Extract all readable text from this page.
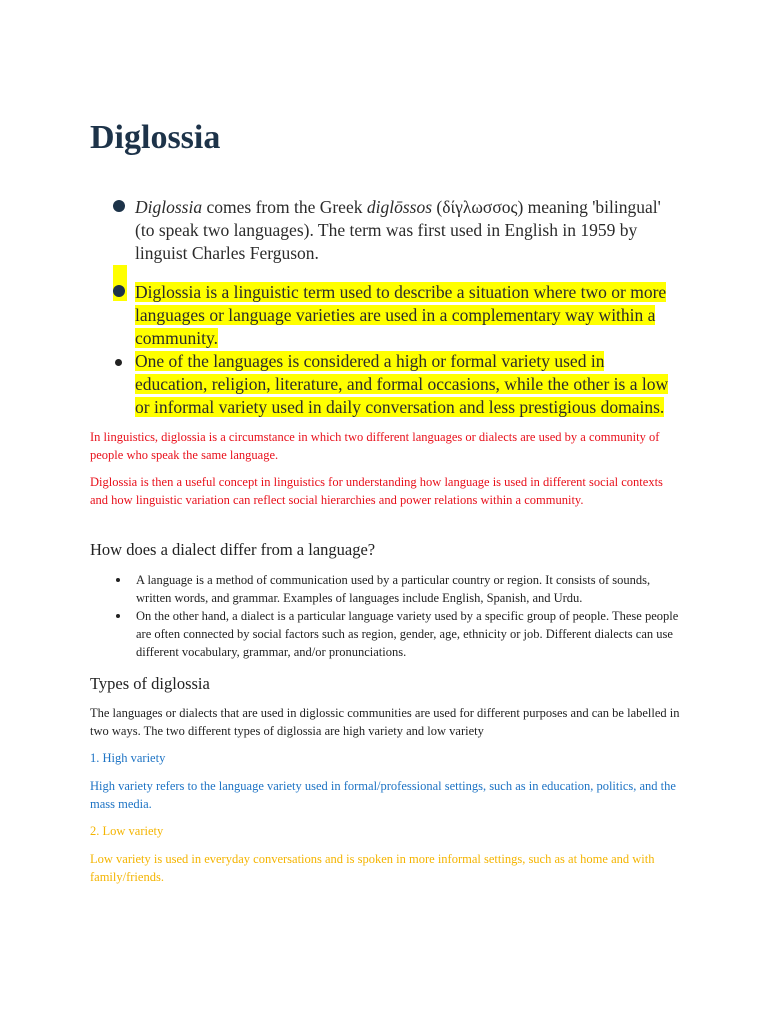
Diglossia
Diglossia comes from the Greek diglōssos (δίγλωσσος) meaning 'bilingual' (to speak two languages). The term was first used in English in 1959 by linguist Charles Ferguson.
Diglossia is a linguistic term used to describe a situation where two or more languages or language varieties are used in a complementary way within a community.
One of the languages is considered a high or formal variety used in education, religion, literature, and formal occasions, while the other is a low or informal variety used in daily conversation and less prestigious domains.

In linguistics, diglossia is a circumstance in which two different languages or dialects are used by a community of people who speak the same language.

Diglossia is then a useful concept in linguistics for understanding how language is used in different social contexts and how linguistic variation can reflect social hierarchies and power relations within a community.

How does a dialect differ from a language?
A language is a method of communication used by a particular country or region. It consists of sounds, written words, and grammar. Examples of languages include English, Spanish, and Urdu.
On the other hand, a dialect is a particular language variety used by a specific group of people. These people are often connected by social factors such as region, gender, age, ethnicity or job. Different dialects can use different vocabulary, grammar, and/or pronunciations.
Types of diglossia

The languages or dialects that are used in diglossic communities are used for different purposes and can be labelled in two ways. The two different types of diglossia are high variety and low variety

1. High variety

High variety refers to the language variety used in formal/professional settings, such as in education, politics, and the mass media.

2. Low variety

Low variety is used in everyday conversations and is spoken in more informal settings, such as at home and with family/friends.
